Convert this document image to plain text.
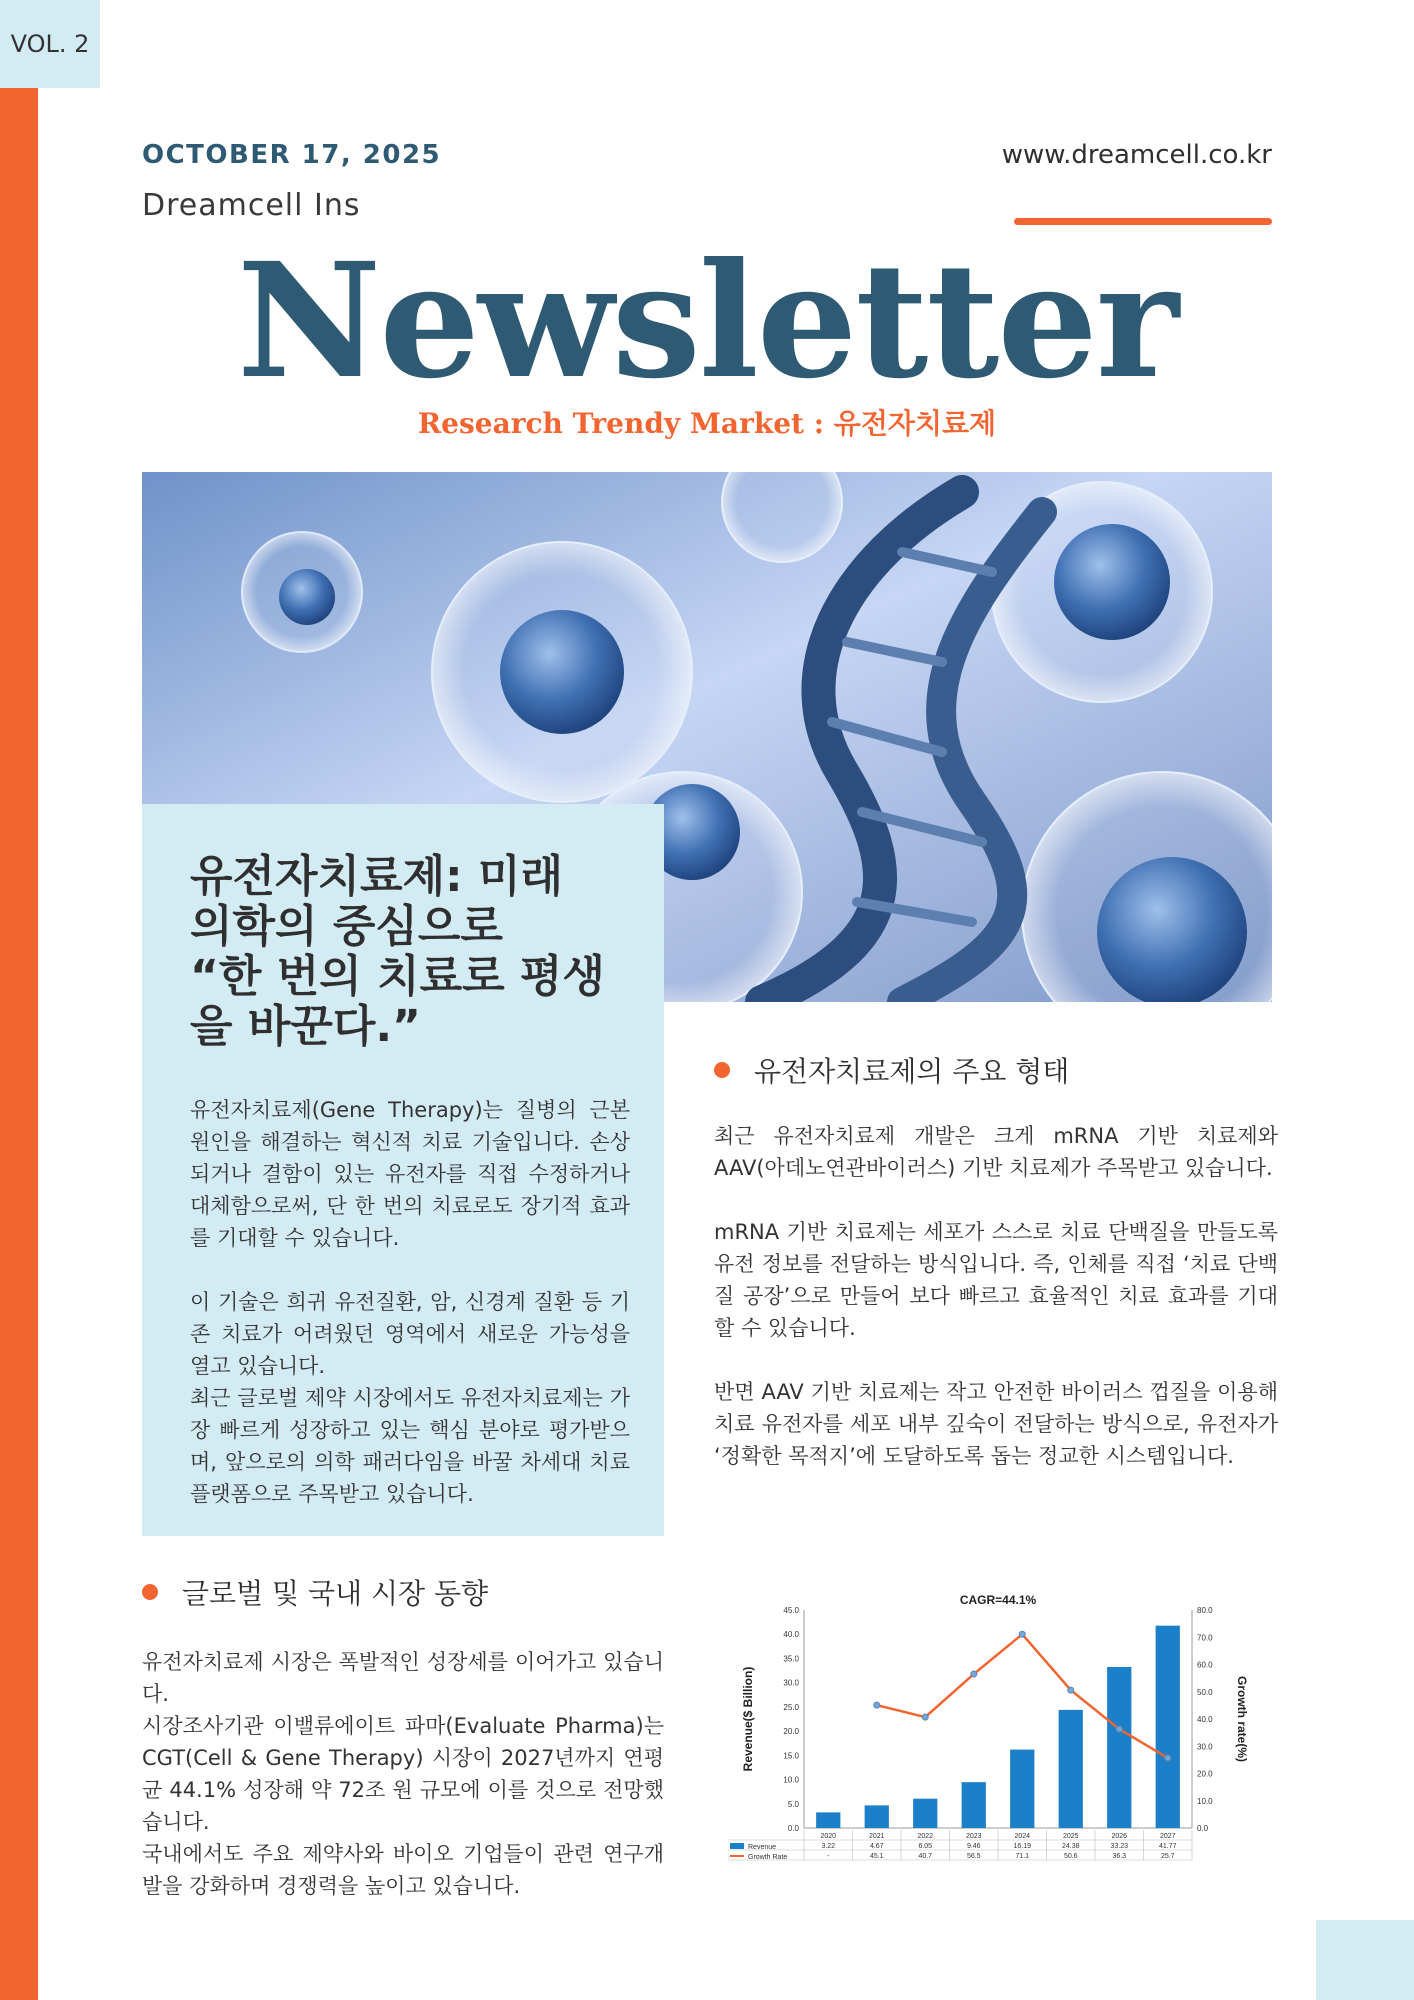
VOL. 2
OCTOBER 17, 2025
Dreamcell Ins
www.dreamcell.co.kr
Newsletter
Research Trendy Market : 유전자치료제
유전자치료제: 미래
의학의 중심으로
“한 번의 치료로 평생
을 바꾼다.”

유전자치료제(Gene Therapy)는 질병의 근본 원인을 해결하는 혁신적 치료 기술입니다. 손상되거나 결함이 있는 유전자를 직접 수정하거나 대체함으로써, 단 한 번의 치료로도 장기적 효과를 기대할 수 있습니다.

이 기술은 희귀 유전질환, 암, 신경계 질환 등 기존 치료가 어려웠던 영역에서 새로운 가능성을 열고 있습니다.

최근 글로벌 제약 시장에서도 유전자치료제는 가장 빠르게 성장하고 있는 핵심 분야로 평가받으며, 앞으로의 의학 패러다임을 바꿀 차세대 치료 플랫폼으로 주목받고 있습니다.

유전자치료제의 주요 형태

최근 유전자치료제 개발은 크게 mRNA 기반 치료제와 AAV(아데노연관바이러스) 기반 치료제가 주목받고 있습니다.

mRNA 기반 치료제는 세포가 스스로 치료 단백질을 만들도록 유전 정보를 전달하는 방식입니다. 즉, 인체를 직접 ‘치료 단백질 공장’으로 만들어 보다 빠르고 효율적인 치료 효과를 기대할 수 있습니다.

반면 AAV 기반 치료제는 작고 안전한 바이러스 껍질을 이용해 치료 유전자를 세포 내부 깊숙이 전달하는 방식으로, 유전자가 ‘정확한 목적지’에 도달하도록 돕는 정교한 시스템입니다.

글로벌 및 국내 시장 동향

유전자치료제 시장은 폭발적인 성장세를 이어가고 있습니다.

시장조사기관 이밸류에이트 파마(Evaluate Pharma)는 CGT(Cell & Gene Therapy) 시장이 2027년까지 연평균 44.1% 성장해 약 72조 원 규모에 이를 것으로 전망했습니다.

국내에서도 주요 제약사와 바이오 기업들이 관련 연구개발을 강화하며 경쟁력을 높이고 있습니다.

0.0
5.0
10.0
15.0
20.0
25.0
30.0
35.0
40.0
45.0
0.0
10.0
20.0
30.0
40.0
50.0
60.0
70.0
80.0
Revenue($ Billion)	Growth rate(%)
CAGR=44.1%
2020
3.22
-
2021
4.67
45.1
2022
6.05
40.7
2023
9.46
56.5
2024
16.19
71.1
2025
24.38
50.6
2026
33.23
36.3
2027
41.77
25.7
Revenue
Growth Rate
